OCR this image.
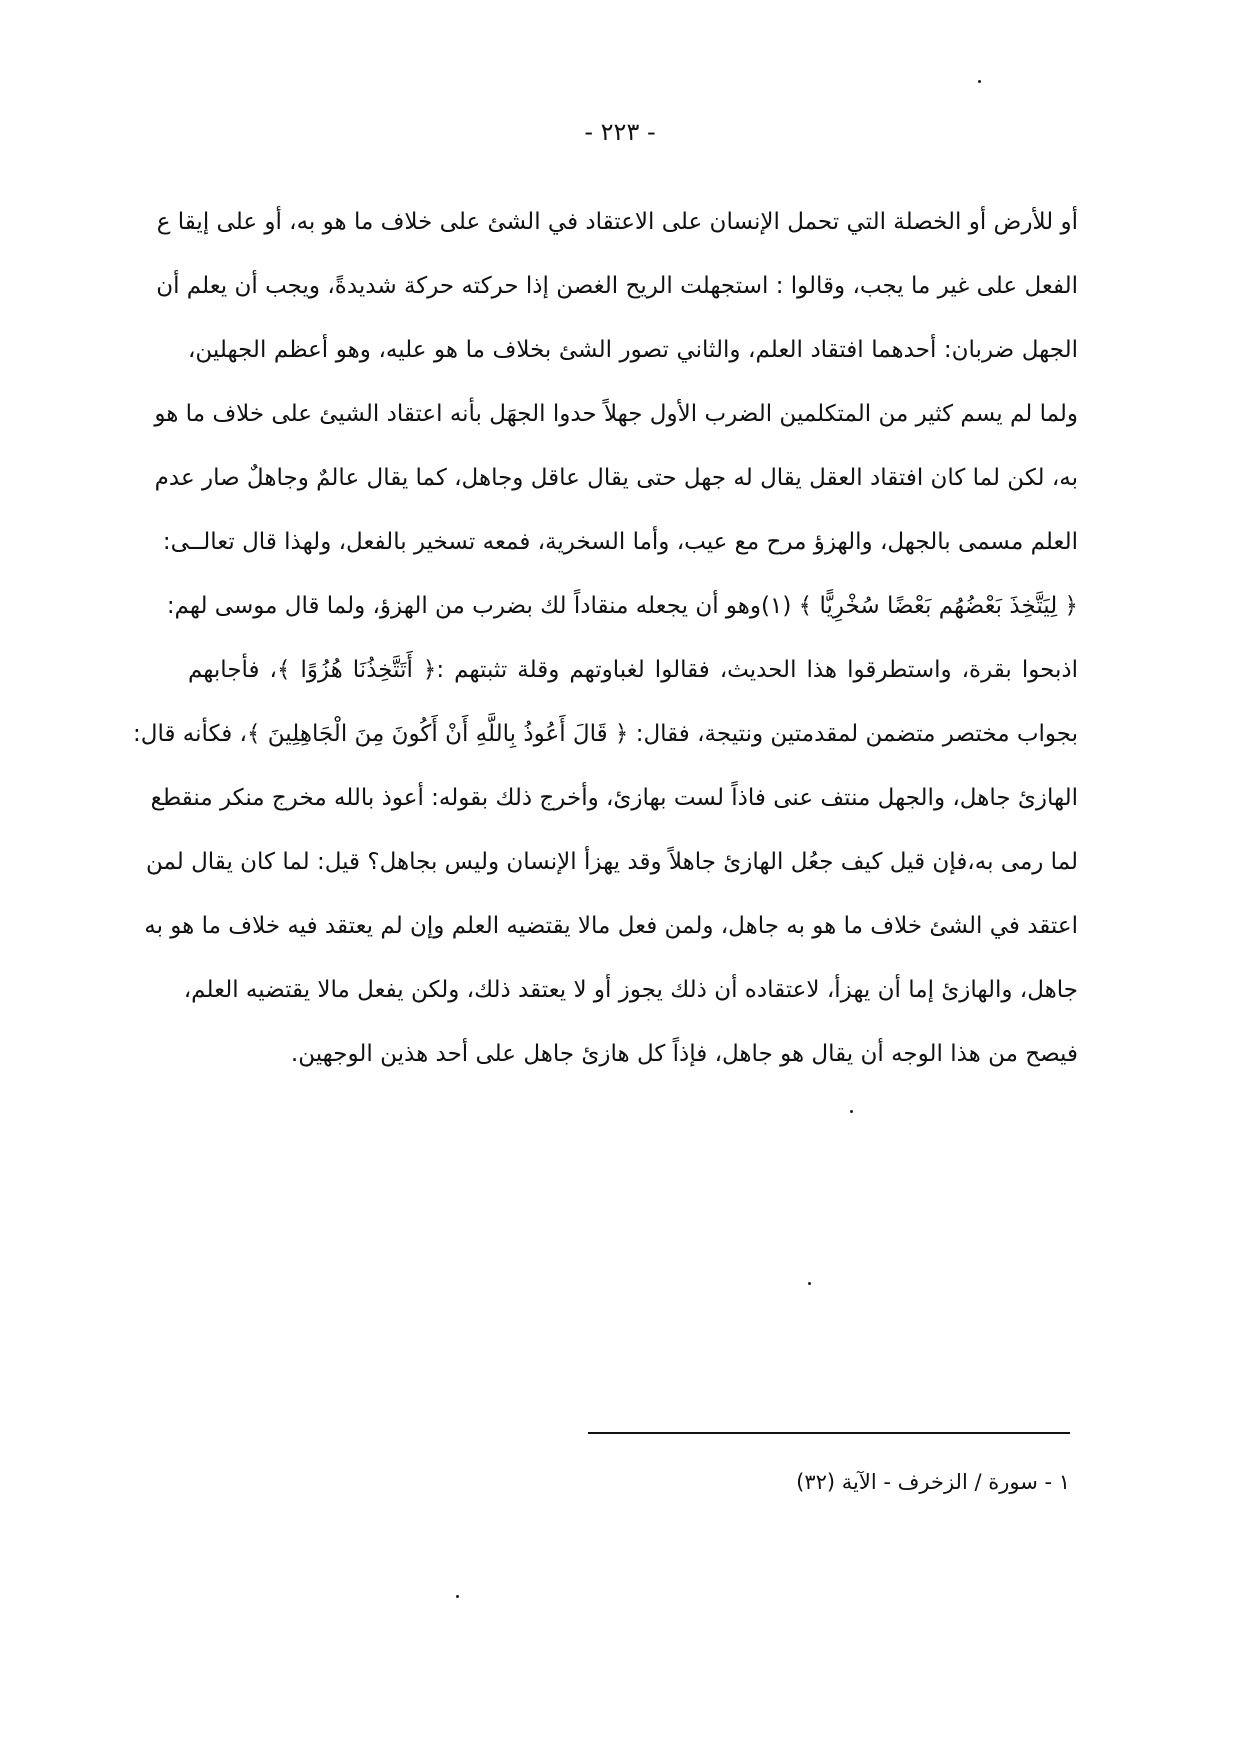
- ٢٢٣ -
أو للأرض أو الخصلة التي تحمل الإنسان على الاعتقاد في الشئ على خلاف ما هو به، أو على إيقا ع
الفعل على غير ما يجب، وقالوا : استجهلت الريح الغصن إذا حركته حركة شديدةً، ويجب أن يعلم أن
الجهل ضربان: أحدهما افتقاد العلم، والثاني تصور الشئ بخلاف ما هو عليه، وهو أعظم الجهلين،
ولما لم يسم كثير من المتكلمين الضرب الأول جهلاً حدوا الجهَل بأنه اعتقاد الشيئ على خلاف ما هو
به، لكن لما كان افتقاد العقل يقال له جهل حتى يقال عاقل وجاهل، كما يقال عالمٌ وجاهلٌ صار عدم
العلم مسمى بالجهل، والهزؤ مرح مع عيب، وأما السخرية، فمعه تسخير بالفعل، ولهذا قال تعالــى:
﴿ لِيَتَّخِذَ بَعْضُهُم بَعْضًا سُخْرِيًّا ﴾ (١)وهو أن يجعله منقاداً لك بضرب من الهزؤ، ولما قال موسى لهم:
اذبحوا بقرة، واستطرقوا هذا الحديث، فقالوا لغباوتهم وقلة تثبتهم :﴿ أَتَتَّخِذُنَا هُزُوًا ﴾، فأجابهم
بجواب مختصر متضمن لمقدمتين ونتيجة، فقال: ﴿ قَالَ أَعُوذُ بِاللَّهِ أَنْ أَكُونَ مِنَ الْجَاهِلِينَ ﴾، فكأنه قال:
الهازئ جاهل، والجهل منتف عنى فاذاً لست بهازئ، وأخرج ذلك بقوله: أعوذ بالله مخرج منكر منقطع
لما رمى به،فإن قيل كيف جعُل الهازئ جاهلاً وقد يهزأ الإنسان وليس بجاهل؟ قيل: لما كان يقال لمن
اعتقد في الشئ خلاف ما هو به جاهل، ولمن فعل مالا يقتضيه العلم وإن لم يعتقد فيه خلاف ما هو به
جاهل، والهازئ إما أن يهزأ، لاعتقاده أن ذلك يجوز أو لا يعتقد ذلك، ولكن يفعل مالا يقتضيه العلم،
فيصح من هذا الوجه أن يقال هو جاهل، فإذاً كل هازئ جاهل على أحد هذين الوجهين.
١ - سورة / الزخرف - الآية (٣٢)
